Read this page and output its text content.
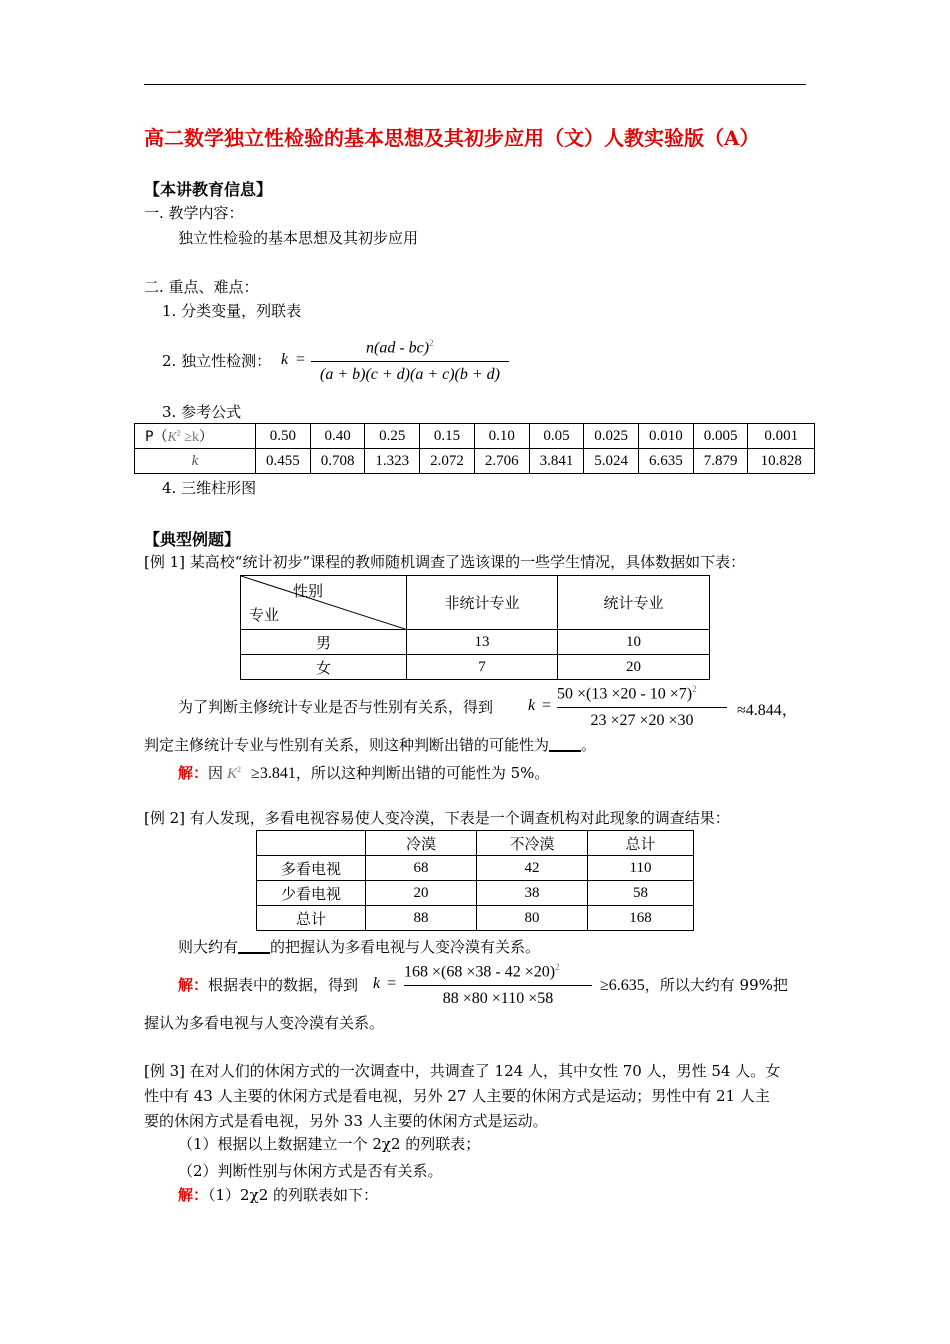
高二数学独立性检验的基本思想及其初步应用（文）人教实验版（A）
【本讲教育信息】
一. 教学内容：
独立性检验的基本思想及其初步应用
二. 重点、难点：
1. 分类变量，列联表
2. 独立性检测： k =
n(ad - bc)$^2$
(a + b)(c + d)(a + c)(b + d)
3. 参考公式
$P(K^2 \ge k)$	0.50	0.40	0.25	0.15	0.10	0.05	0.025	0.010	0.005	0.001
k	0.455	0.708	1.323	2.072	2.706	3.841	5.024	6.635	7.879	10.828
4. 三维柱形图
【典型例题】
[例 1] 某高校“统计初步”课程的教师随机调查了选该课的一些学生情况，具体数据如下表：
性别
专业	非统计专业	统计专业
男	13	10
女	7	20
为了判断主修统计专业是否与性别有关系，得到 k =
$50 \times(13 \times 20 - 10 \times 7)^2$
23 ×27 ×20 ×30
≈4.844，
判定主修统计专业与性别有关系，则这种判断出错的可能性为 。
解：因 $K^2 \ge 3.841$，所以这种判断出错的可能性为 5%。
[例 2] 有人发现，多看电视容易使人变冷漠，下表是一个调查机构对此现象的调查结果：
	冷漠	不冷漠	总计
多看电视	68	42	110
少看电视	20	38	58
总计	88	80	168
则大约有 的把握认为多看电视与人变冷漠有关系。
解：根据表中的数据，得到 k =
$168 \times(68 \times 38 - 42 \times 20)^2$
88 ×80 ×110 ×58
≥6.635，所以大约有 99%把
握认为多看电视与人变冷漠有关系。
[例 3] 在对人们的休闲方式的一次调查中，共调查了 124 人，其中女性 70 人，男性 54 人。女
性中有 43 人主要的休闲方式是看电视，另外 27 人主要的休闲方式是运动；男性中有 21 人主
要的休闲方式是看电视，另外 33 人主要的休闲方式是运动。
（1）根据以上数据建立一个 2χ2 的列联表；
（2）判断性别与休闲方式是否有关系。
解：（1）2χ2 的列联表如下：
